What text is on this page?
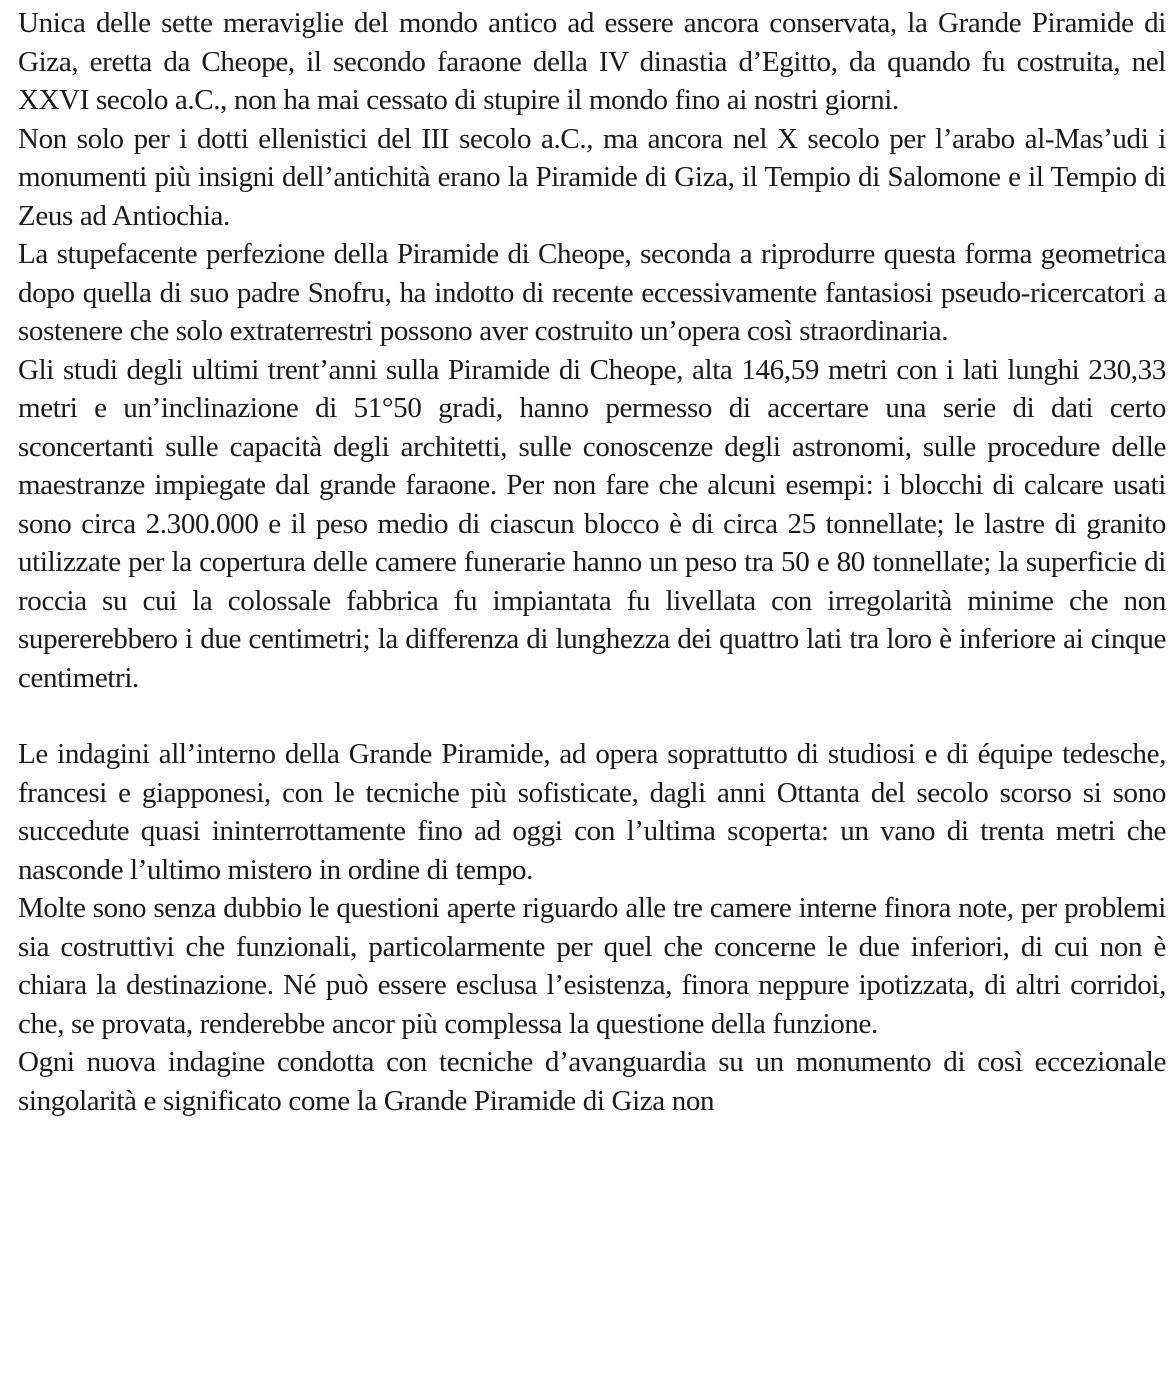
Unica delle sette meraviglie del mondo antico ad essere ancora conservata, la Grande Piramide di Giza, eretta da Cheope, il secondo faraone della IV dinastia d’Egitto, da quando fu costruita, nel XXVI secolo a.C., non ha mai cessato di stupire il mondo fino ai nostri giorni.

Non solo per i dotti ellenistici del III secolo a.C., ma ancora nel X secolo per l’arabo al-Mas’udi i monumenti più insigni dell’antichità erano la Piramide di Giza, il Tempio di Salomone e il Tempio di Zeus ad Antiochia.

La stupefacente perfezione della Piramide di Cheope, seconda a riprodurre questa forma geometrica dopo quella di suo padre Snofru, ha indotto di recente eccessivamente fantasiosi pseudo-ricercatori a sostenere che solo extraterrestri possono aver costruito un’opera così straordinaria.

Gli studi degli ultimi trent’anni sulla Piramide di Cheope, alta 146,59 metri con i lati lunghi 230,33 metri e un’inclinazione di 51°50 gradi, hanno permesso di accertare una serie di dati certo sconcertanti sulle capacità degli architetti, sulle conoscenze degli astronomi, sulle procedure delle maestranze impiegate dal grande faraone. Per non fare che alcuni esempi: i blocchi di calcare usati sono circa 2.300.000 e il peso medio di ciascun blocco è di circa 25 tonnellate; le lastre di granito utilizzate per la copertura delle camere funerarie hanno un peso tra 50 e 80 tonnellate; la superficie di roccia su cui la colossale fabbrica fu impiantata fu livellata con irregolarità minime che non supererebbero i due centimetri; la differenza di lunghezza dei quattro lati tra loro è inferiore ai cinque centimetri.

Le indagini all’interno della Grande Piramide, ad opera soprattutto di studiosi e di équipe tedesche, francesi e giapponesi, con le tecniche più sofisticate, dagli anni Ottanta del secolo scorso si sono succedute quasi ininterrottamente fino ad oggi con l’ultima scoperta: un vano di trenta metri che nasconde l’ultimo mistero in ordine di tempo.

Molte sono senza dubbio le questioni aperte riguardo alle tre camere interne finora note, per problemi sia costruttivi che funzionali, particolarmente per quel che concerne le due inferiori, di cui non è chiara la destinazione. Né può essere esclusa l’esistenza, finora neppure ipotizzata, di altri corridoi, che, se provata, renderebbe ancor più complessa la questione della funzione.

Ogni nuova indagine condotta con tecniche d’avanguardia su un monumento di così eccezionale singolarità e significato come la Grande Piramide di Giza non
